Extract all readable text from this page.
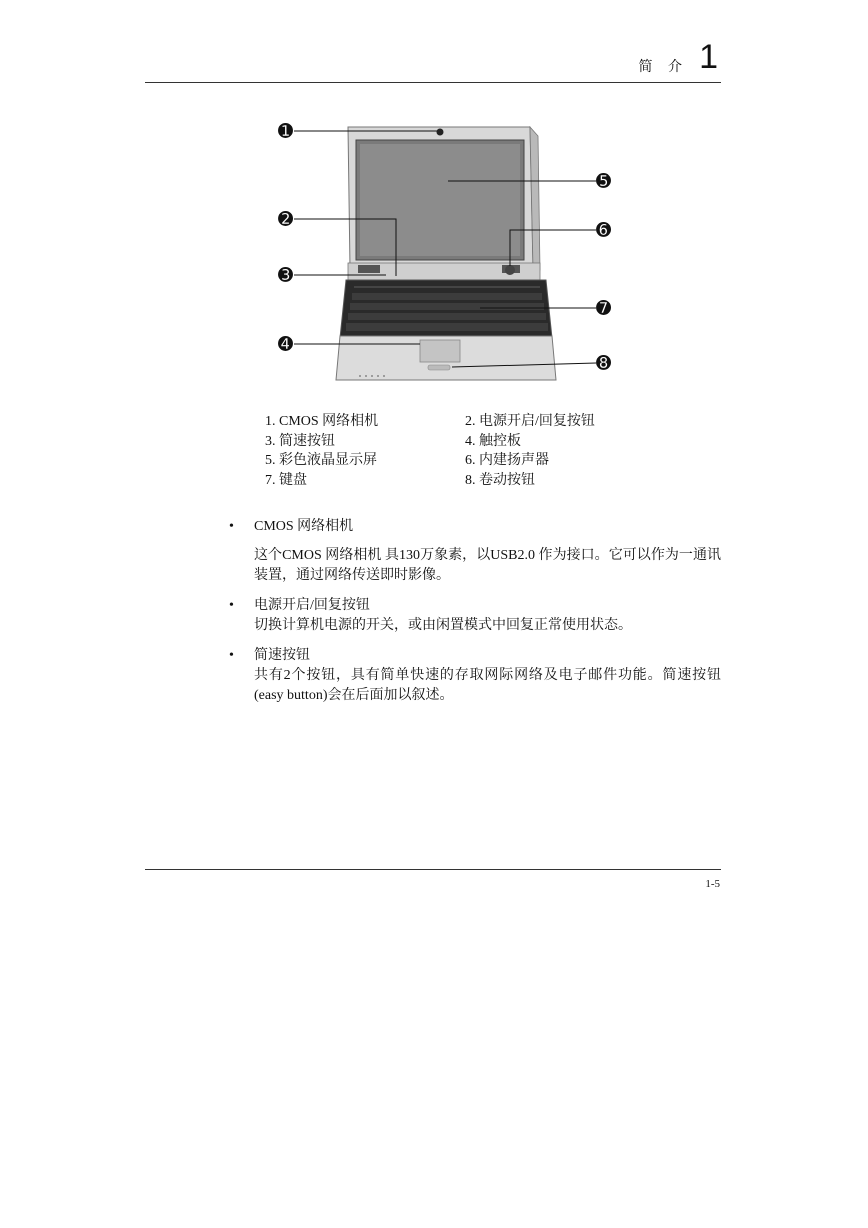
简 介 1
➊
➋
➌
➍
➎
➏
➐
➑
1. CMOS 网络相机	2. 电源开启/回复按钮
3. 简速按钮	4. 触控板
5. 彩色液晶显示屏	6. 内建扬声器
7. 键盘	8. 卷动按钮
• CMOS 网络相机
这个CMOS 网络相机 具130万象素，以USB2.0 作为接口。它可以作为一通讯装置，通过网络传送即时影像。
• 电源开启/回复按钮
切换计算机电源的开关，或由闲置模式中回复正常使用状态。
• 简速按钮
共有2个按钮，具有简单快速的存取网际网络及电子邮件功能。简速按钮(easy button)会在后面加以叙述。
1-5
